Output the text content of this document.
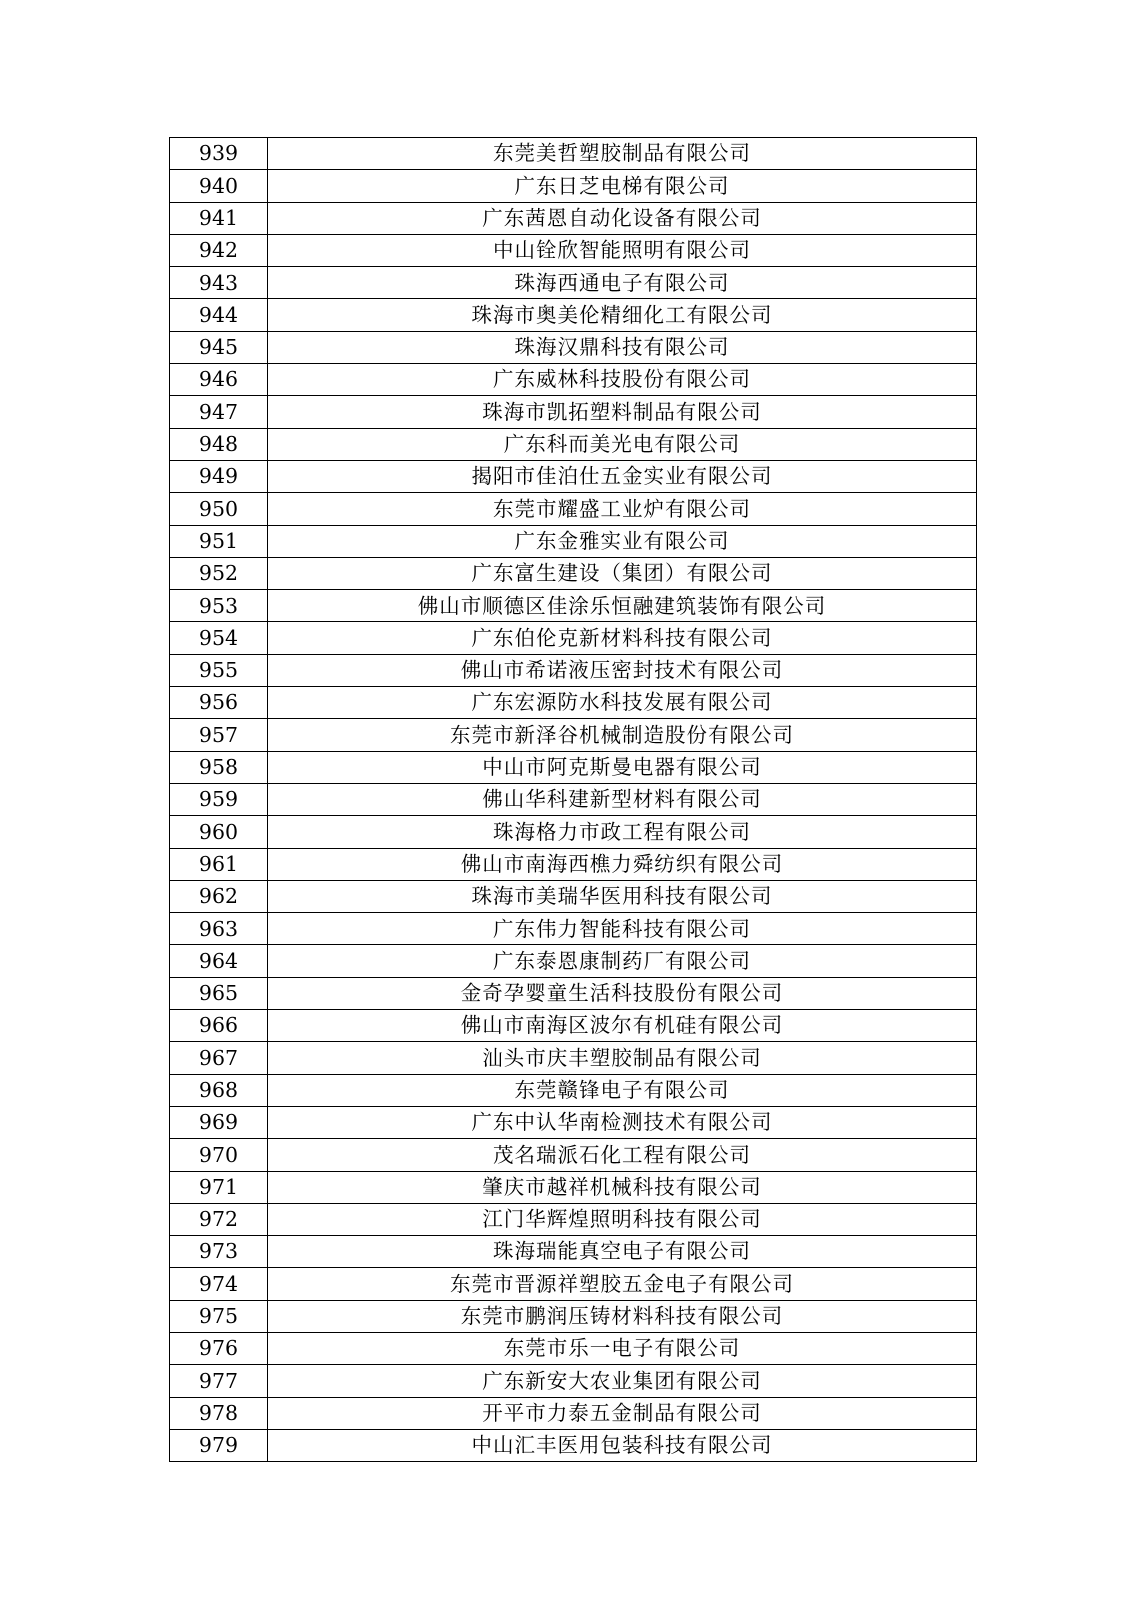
939	东莞美哲塑胶制品有限公司
940	广东日芝电梯有限公司
941	广东茜恩自动化设备有限公司
942	中山铨欣智能照明有限公司
943	珠海西通电子有限公司
944	珠海市奥美伦精细化工有限公司
945	珠海汉鼎科技有限公司
946	广东威林科技股份有限公司
947	珠海市凯拓塑料制品有限公司
948	广东科而美光电有限公司
949	揭阳市佳泊仕五金实业有限公司
950	东莞市耀盛工业炉有限公司
951	广东金雅实业有限公司
952	广东富生建设（集团）有限公司
953	佛山市顺德区佳涂乐恒融建筑装饰有限公司
954	广东伯伦克新材料科技有限公司
955	佛山市希诺液压密封技术有限公司
956	广东宏源防水科技发展有限公司
957	东莞市新泽谷机械制造股份有限公司
958	中山市阿克斯曼电器有限公司
959	佛山华科建新型材料有限公司
960	珠海格力市政工程有限公司
961	佛山市南海西樵力舜纺织有限公司
962	珠海市美瑞华医用科技有限公司
963	广东伟力智能科技有限公司
964	广东泰恩康制药厂有限公司
965	金奇孕婴童生活科技股份有限公司
966	佛山市南海区波尔有机硅有限公司
967	汕头市庆丰塑胶制品有限公司
968	东莞赣锋电子有限公司
969	广东中认华南检测技术有限公司
970	茂名瑞派石化工程有限公司
971	肇庆市越祥机械科技有限公司
972	江门华辉煌照明科技有限公司
973	珠海瑞能真空电子有限公司
974	东莞市晋源祥塑胶五金电子有限公司
975	东莞市鹏润压铸材料科技有限公司
976	东莞市乐一电子有限公司
977	广东新安大农业集团有限公司
978	开平市力泰五金制品有限公司
979	中山汇丰医用包装科技有限公司
